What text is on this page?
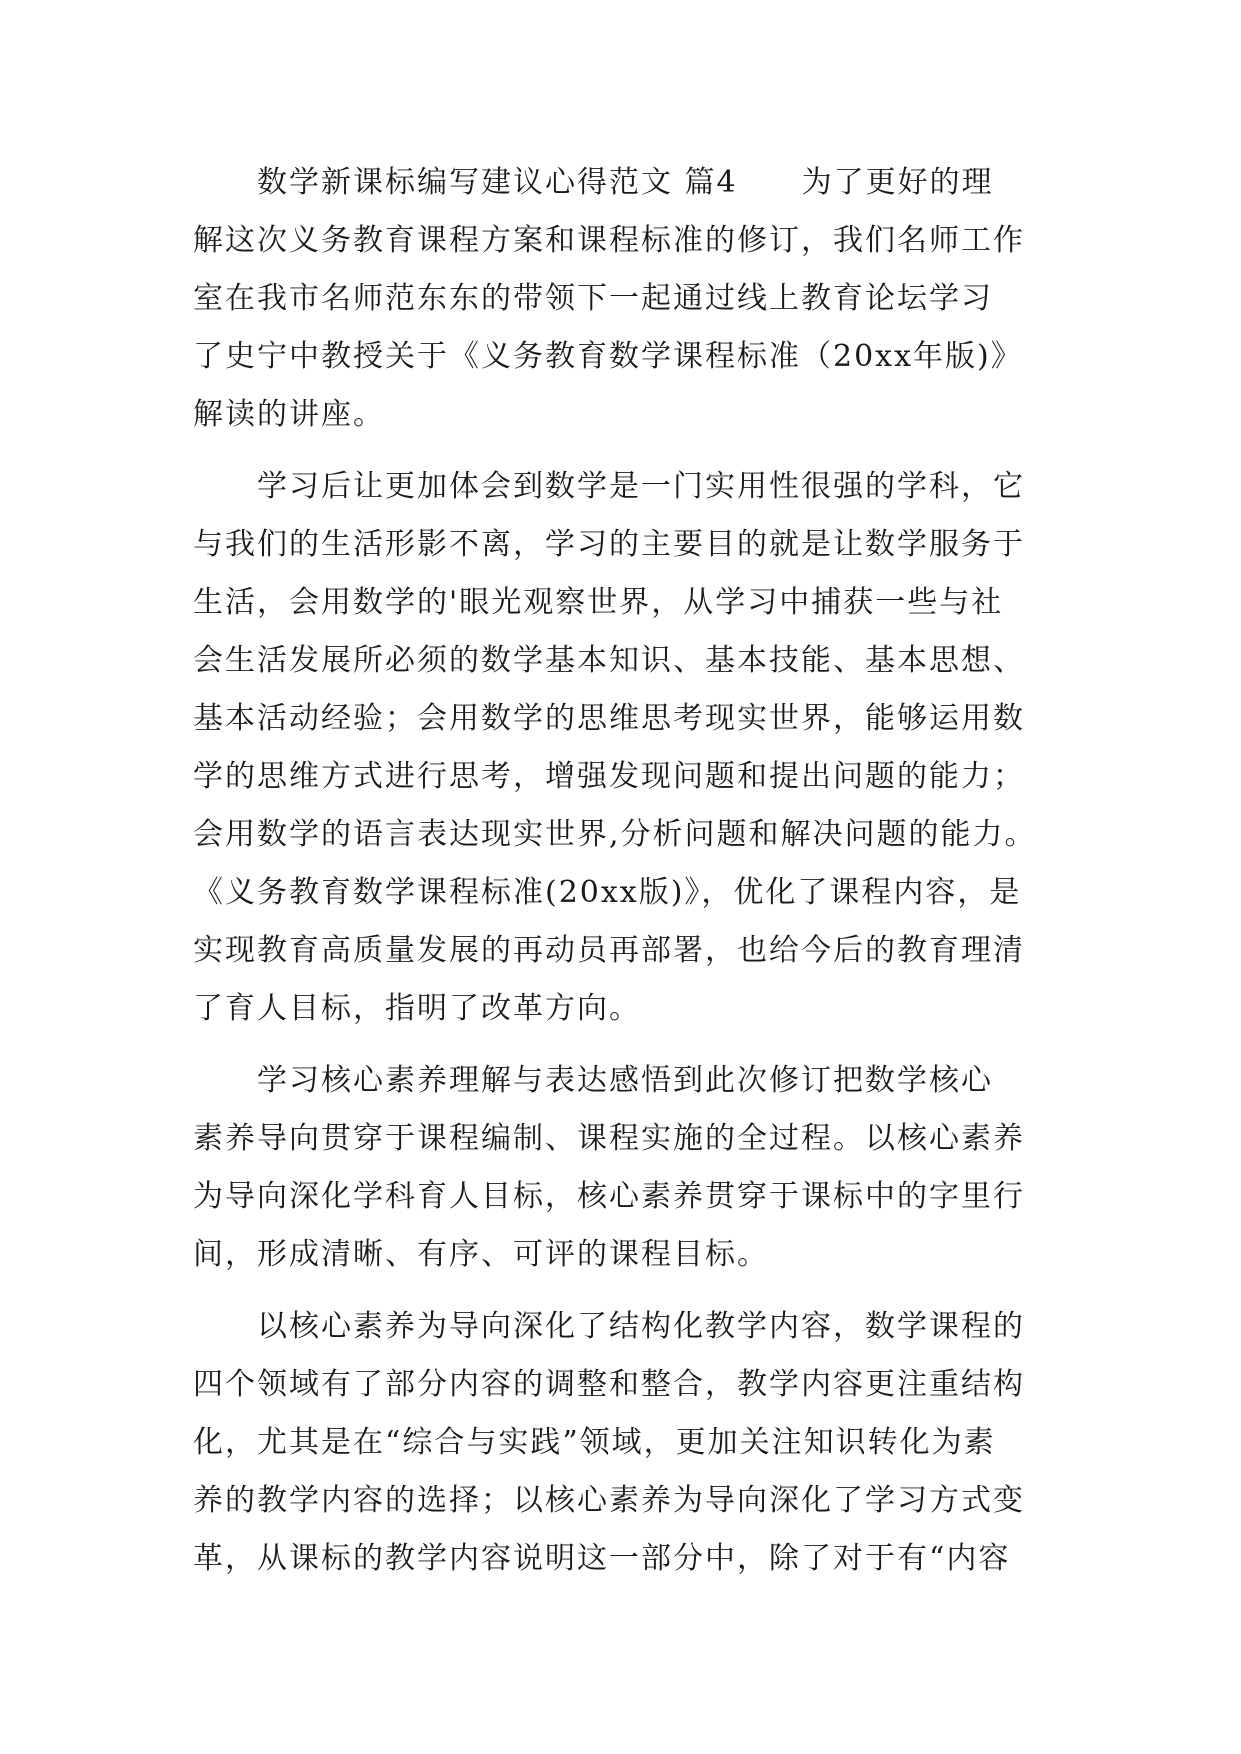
　　数学新课标编写建议心得范文 篇4　　为了更好的理
解这次义务教育课程方案和课程标准的修订，我们名师工作
室在我市名师范东东的带领下一起通过线上教育论坛学习
了史宁中教授关于《义务教育数学课程标准（20xx年版)》
解读的讲座。
　　学习后让更加体会到数学是一门实用性很强的学科，它
与我们的生活形影不离，学习的主要目的就是让数学服务于
生活，会用数学的'眼光观察世界，从学习中捕获一些与社
会生活发展所必须的数学基本知识、基本技能、基本思想、
基本活动经验；会用数学的思维思考现实世界，能够运用数
学的思维方式进行思考，增强发现问题和提出问题的能力；
会用数学的语言表达现实世界,分析问题和解决问题的能力。
《义务教育数学课程标准(20xx版)》，优化了课程内容，是
实现教育高质量发展的再动员再部署，也给今后的教育理清
了育人目标，指明了改革方向。
　　学习核心素养理解与表达感悟到此次修订把数学核心
素养导向贯穿于课程编制、课程实施的全过程。以核心素养
为导向深化学科育人目标，核心素养贯穿于课标中的字里行
间，形成清晰、有序、可评的课程目标。
　　以核心素养为导向深化了结构化教学内容，数学课程的
四个领域有了部分内容的调整和整合，教学内容更注重结构
化，尤其是在“综合与实践”领域，更加关注知识转化为素
养的教学内容的选择；以核心素养为导向深化了学习方式变
革，从课标的教学内容说明这一部分中，除了对于有“内容
